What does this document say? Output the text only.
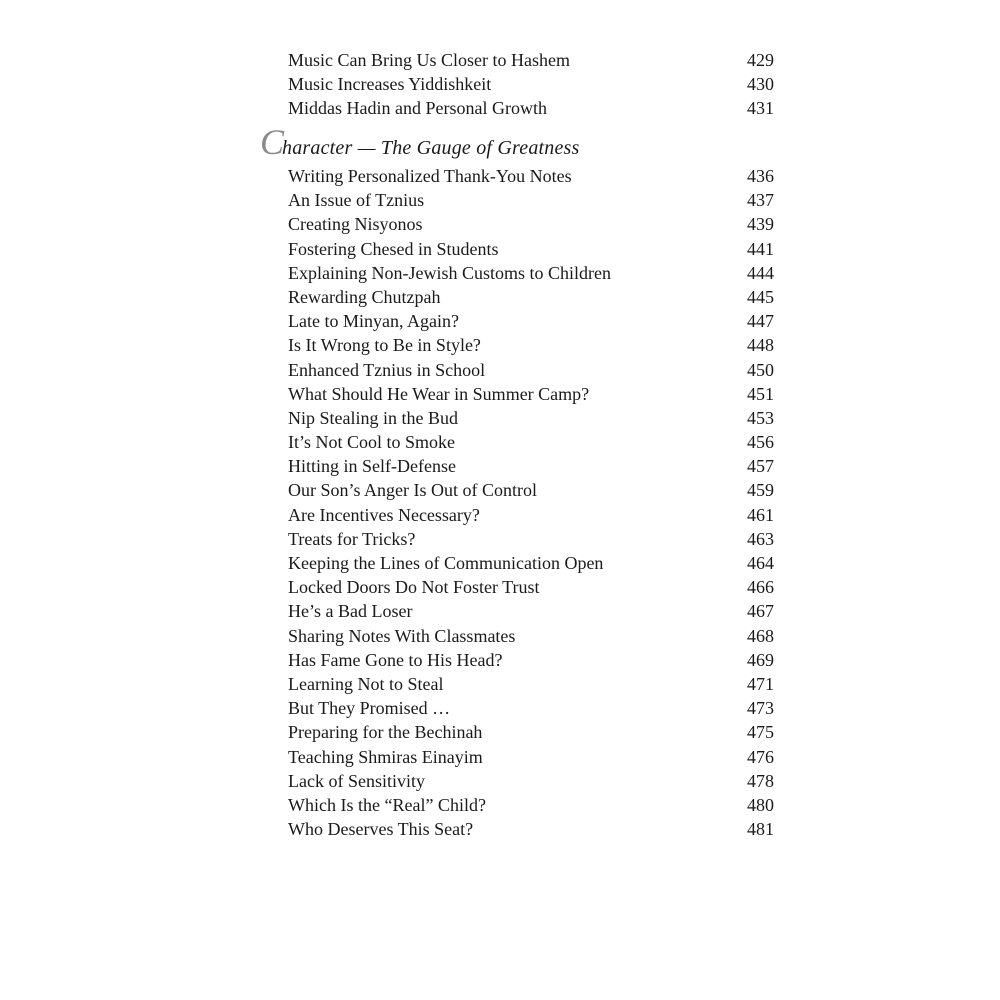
Music Can Bring Us Closer to Hashem	429
Music Increases Yiddishkeit	430
Middas Hadin and Personal Growth	431
Character — The Gauge of Greatness
Writing Personalized Thank-You Notes	436
An Issue of Tznius	437
Creating Nisyonos	439
Fostering Chesed in Students	441
Explaining Non-Jewish Customs to Children	444
Rewarding Chutzpah	445
Late to Minyan, Again?	447
Is It Wrong to Be in Style?	448
Enhanced Tznius in School	450
What Should He Wear in Summer Camp?	451
Nip Stealing in the Bud	453
It’s Not Cool to Smoke	456
Hitting in Self-Defense	457
Our Son’s Anger Is Out of Control	459
Are Incentives Necessary?	461
Treats for Tricks?	463
Keeping the Lines of Communication Open	464
Locked Doors Do Not Foster Trust	466
He’s a Bad Loser	467
Sharing Notes With Classmates	468
Has Fame Gone to His Head?	469
Learning Not to Steal	471
But They Promised …	473
Preparing for the Bechinah	475
Teaching Shmiras Einayim	476
Lack of Sensitivity	478
Which Is the “Real” Child?	480
Who Deserves This Seat?	481
